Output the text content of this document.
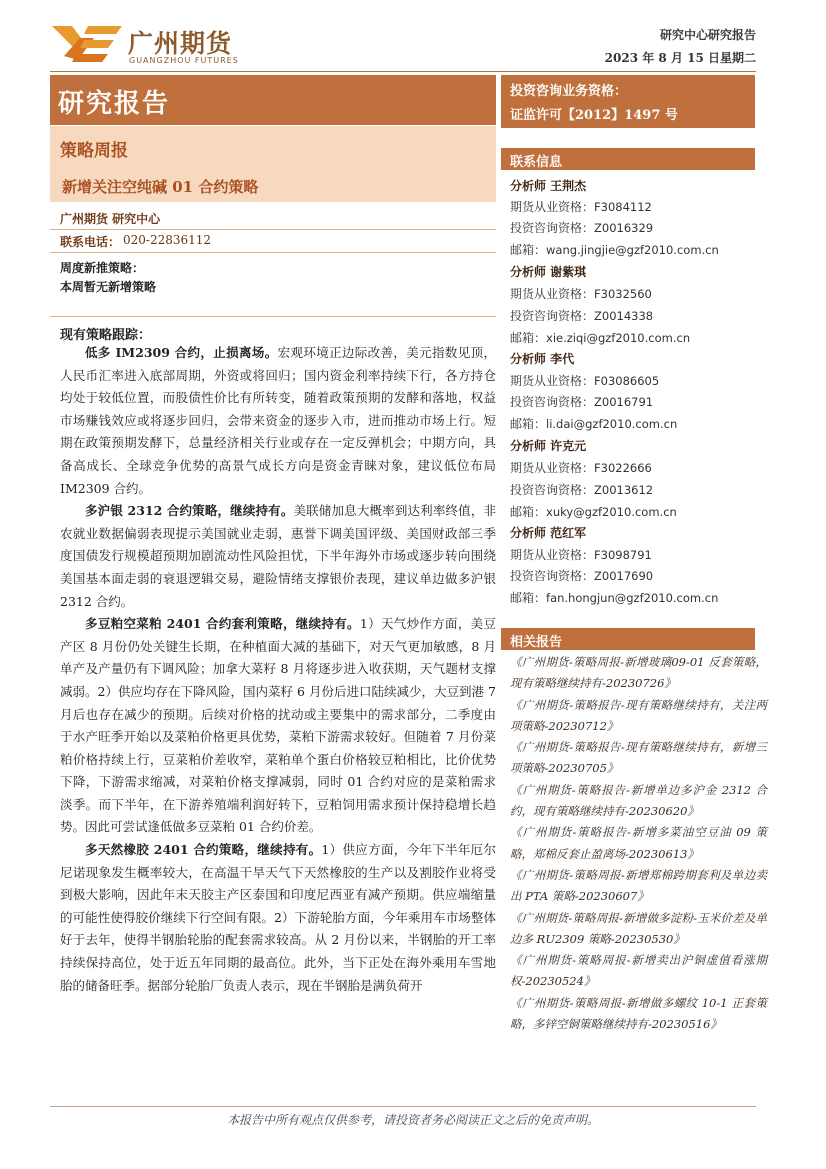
广州期货
GUANGZHOU FUTURES
研究中心研究报告
2023 年 8 月 15 日星期二
研究报告
策略周报
新增关注空纯碱 01 合约策略
广州期货 研究中心
联系电话： 020-22836112
周度新推策略：
本周暂无新增策略
现有策略跟踪：

低多 IM2309 合约，止损离场。宏观环境正边际改善，美元指数见顶，人民币汇率进入底部周期，外资或将回归；国内资金利率持续下行，各方持仓均处于较低位置，而股债性价比有所转变，随着政策预期的发酵和落地，权益市场赚钱效应或将逐步回归，会带来资金的逐步入市，进而推动市场上行。短期在政策预期发酵下，总量经济相关行业或存在一定反弹机会；中期方向，具备高成长、全球竞争优势的高景气成长方向是资金青睐对象，建议低位布局 IM2309 合约。

多沪银 2312 合约策略，继续持有。美联储加息大概率到达利率终值，非农就业数据偏弱表现提示美国就业走弱，惠誉下调美国评级、美国财政部三季度国债发行规模超预期加剧流动性风险担忧，下半年海外市场或逐步转向围绕美国基本面走弱的衰退逻辑交易，避险情绪支撑银价表现，建议单边做多沪银 2312 合约。

多豆粕空菜粕 2401 合约套利策略，继续持有。1）天气炒作方面，美豆产区 8 月份仍处关键生长期，在种植面大减的基础下，对天气更加敏感，8 月单产及产量仍有下调风险；加拿大菜籽 8 月将逐步进入收获期，天气题材支撑减弱。2）供应均存在下降风险，国内菜籽 6 月份后进口陆续减少，大豆到港 7 月后也存在减少的预期。后续对价格的扰动或主要集中的需求部分，二季度由于水产旺季开始以及菜粕价格更具优势，菜粕下游需求较好。但随着 7 月份菜粕价格持续上行，豆菜粕价差收窄，菜粕单个蛋白价格较豆粕相比，比价优势下降，下游需求缩减，对菜粕价格支撑减弱，同时 01 合约对应的是菜粕需求淡季。而下半年，在下游养殖端利润好转下，豆粕饲用需求预计保持稳增长趋势。因此可尝试逢低做多豆菜粕 01 合约价差。

多天然橡胶 2401 合约策略，继续持有。1）供应方面，今年下半年厄尔尼诺现象发生概率较大，在高温干旱天气下天然橡胶的生产以及割胶作业将受到极大影响，因此年末天胶主产区泰国和印度尼西亚有减产预期。供应端缩量的可能性使得胶价继续下行空间有限。2）下游轮胎方面，今年乘用车市场整体好于去年，使得半钢胎轮胎的配套需求较高。从 2 月份以来，半钢胎的开工率持续保持高位，处于近五年同期的最高位。此外，当下正处在海外乘用车雪地胎的储备旺季。据部分轮胎厂负责人表示，现在半钢胎是满负荷开

投资咨询业务资格：
证监许可【2012】1497 号
联系信息
分析师 王荆杰
期货从业资格：F3084112
投资咨询资格：Z0016329
邮箱：wang.jingjie@gzf2010.com.cn
分析师 谢紫琪
期货从业资格：F3032560
投资咨询资格：Z0014338
邮箱：xie.ziqi@gzf2010.com.cn
分析师 李代
期货从业资格：F03086605
投资咨询资格：Z0016791
邮箱：li.dai@gzf2010.com.cn
分析师 许克元
期货从业资格：F3022666
投资咨询资格：Z0013612
邮箱：xuky@gzf2010.com.cn
分析师 范红军
期货从业资格：F3098791
投资咨询资格：Z0017690
邮箱：fan.hongjun@gzf2010.com.cn
相关报告
《广州期货-策略周报-新增玻璃09-01 反套策略，现有策略继续持有-20230726》
《广州期货-策略报告-现有策略继续持有，关注两项策略-20230712》
《广州期货-策略报告-现有策略继续持有，新增三项策略-20230705》
《广州期货-策略报告-新增单边多沪金 2312 合约，现有策略继续持有-20230620》
《广州期货-策略报告-新增多菜油空豆油 09 策略，郑棉反套止盈离场-20230613》
《广州期货-策略周报-新增郑棉跨期套利及单边卖出 PTA 策略-20230607》
《广州期货-策略周报-新增做多淀粉-玉米价差及单边多 RU2309 策略-20230530》
《广州期货-策略周报-新增卖出沪铜虚值看涨期权-20230524》
《广州期货-策略周报-新增做多螺纹 10-1 正套策略，多锌空铜策略继续持有-20230516》
本报告中所有观点仅供参考，请投资者务必阅读正文之后的免责声明。
